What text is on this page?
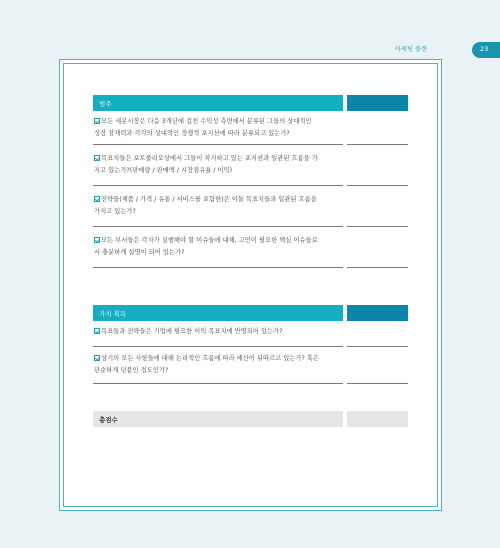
마케팅 플랜	23
범주
모든 세분시장은 다음 3개년에 걸친 수익성 측면에서 분류된 그들의 상대적인
성장 잠재력과 각각의 상대적인 경쟁적 포지션에 따라 분류되고 있는가?
목표치들은 포트폴리오상에서 그들이 차지하고 있는 포지션과 일관된 흐름을 가
지고 있는가?(판매량 / 판매액 / 시장점유율 / 이익)
전략들(제품 / 가격 / 유통 / 서비스를 포함한)은 이들 목표치들과 일관된 흐름을
가지고 있는가?
모든 부서들은 각자가 실행해야 할 이슈들에 대해, 고민이 필요한 핵심 이슈들로
서 충분하게 설명이 되어 있는가?
가치 획득
목표들과 전략들은 기업에 필요한 이익 목표치에 반영되어 있는가?
상기의 모든 사항들에 대해 논리적인 흐름에 따라 예산이 뒤따르고 있는가? 혹은
단순하게 덧붙인 정도인가?
총점수
